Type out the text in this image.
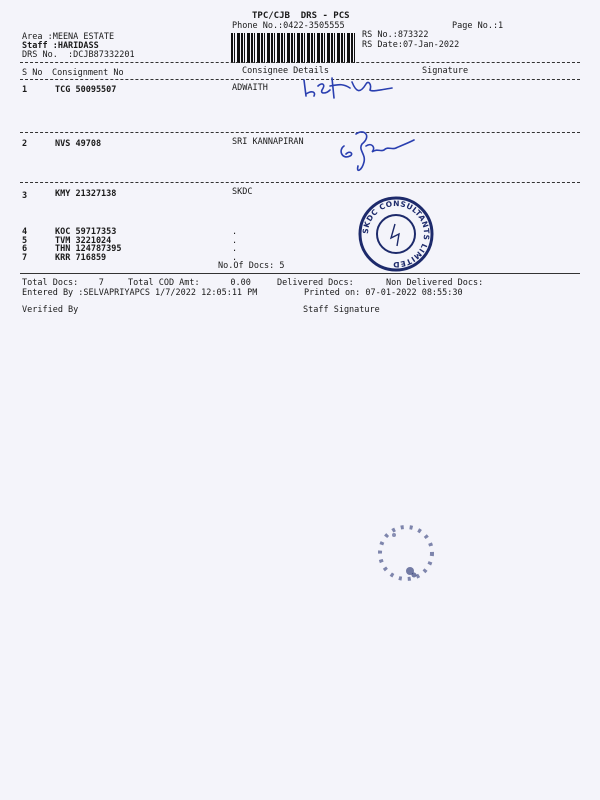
TPC/CJB  DRS - PCS
Phone No.:0422-3505555	Page No.:1
Area :MEENA ESTATE
Staff :HARIDASS
DRS No.  :DCJB87332201
RS No.:873322
RS Date:07-Jan-2022
S No Consignment No	Consignee Details	Signature
1	TCG 50095507	ADWAITH
2	NVS 49708	SRI KANNAPIRAN
3	KMY 21327138	SKDC
SKDC CONSULTANTS LIMITED
4	KOC 59717353	.
5	TVM 3221024	.
6	THN 124787395	.
7	KRR 716859	.
No.Of Docs: 5
Total Docs:    7	Total COD Amt:      0.00	Delivered Docs:	Non Delivered Docs:
Entered By :SELVAPRIYAPCS 1/7/2022 12:05:11 PM	Printed on: 07-01-2022 08:55:30
Verified By	Staff Signature
